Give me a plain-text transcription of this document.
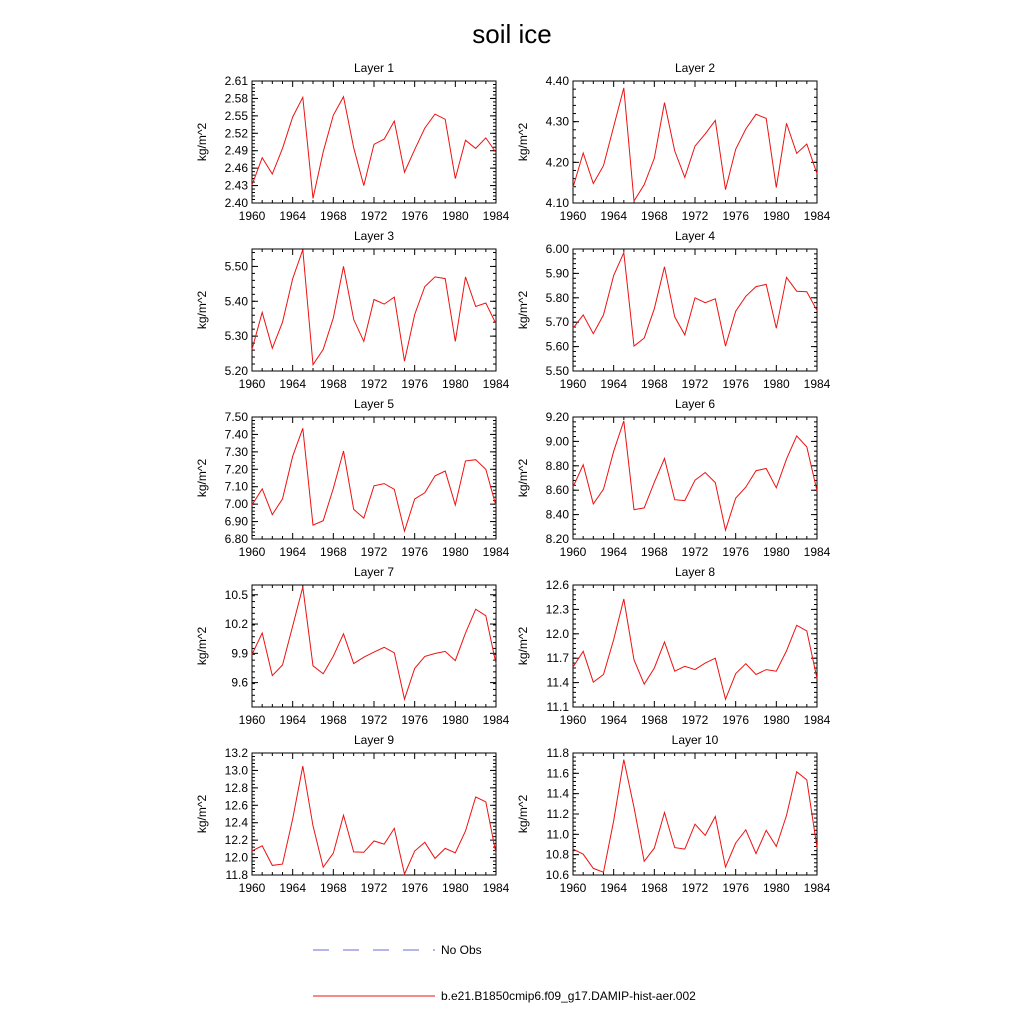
soil ice
Layer 1
kg/m^2
1960 1964 1968 1972 1976 1980 1984
2.40
2.43
2.46
2.49
2.52
2.55
2.58
2.61
Layer 2
kg/m^2
1960 1964 1968 1972 1976 1980 1984
4.10
4.20
4.30
4.40
Layer 3
kg/m^2
1960 1964 1968 1972 1976 1980 1984
5.20
5.30
5.40
5.50
Layer 4
kg/m^2
1960 1964 1968 1972 1976 1980 1984
5.50
5.60
5.70
5.80
5.90
6.00
Layer 5
kg/m^2
1960 1964 1968 1972 1976 1980 1984
6.80
6.90
7.00
7.10
7.20
7.30
7.40
7.50
Layer 6
kg/m^2
1960 1964 1968 1972 1976 1980 1984
8.20
8.40
8.60
8.80
9.00
9.20
Layer 7
kg/m^2
1960 1964 1968 1972 1976 1980 1984
9.6
9.9
10.2
10.5
Layer 8
kg/m^2
1960 1964 1968 1972 1976 1980 1984
11.1
11.4
11.7
12.0
12.3
12.6
Layer 9
kg/m^2
1960 1964 1968 1972 1976 1980 1984
11.8
12.0
12.2
12.4
12.6
12.8
13.0
13.2
Layer 10
kg/m^2
1960 1964 1968 1972 1976 1980 1984
10.6
10.8
11.0
11.2
11.4
11.6
11.8
No Obs
b.e21.B1850cmip6.f09_g17.DAMIP-hist-aer.002
